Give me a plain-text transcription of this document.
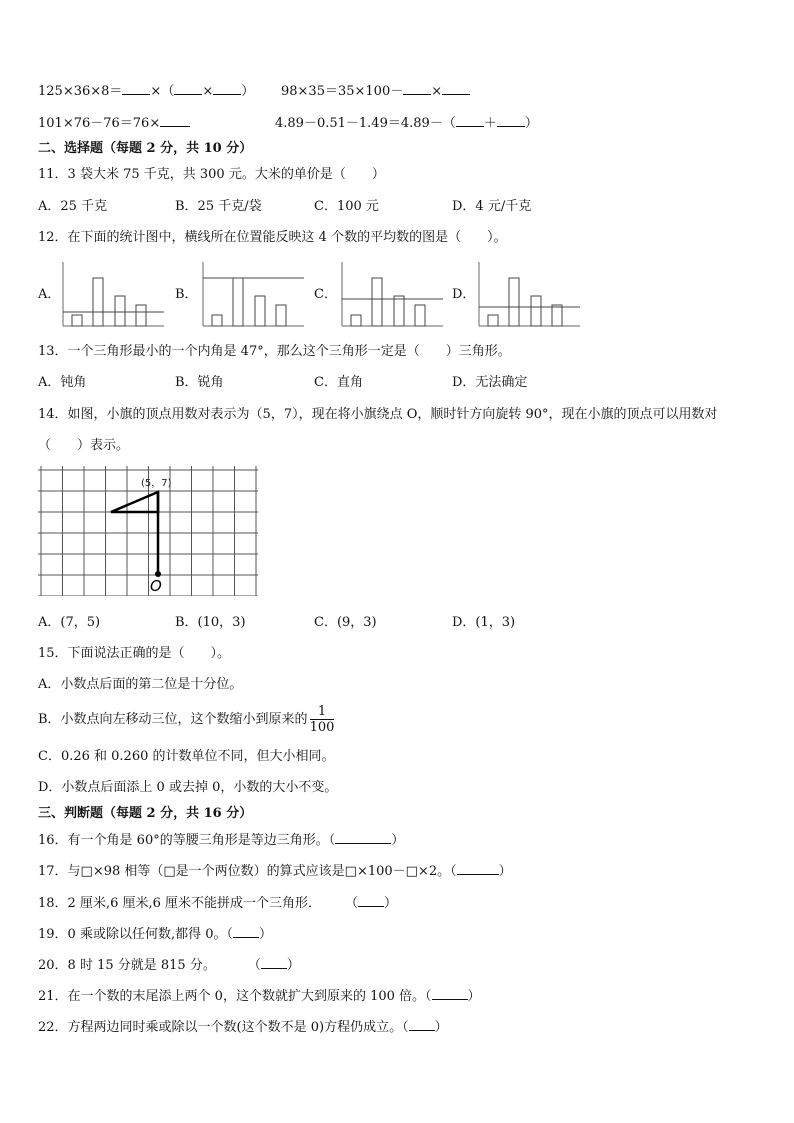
125×36×8＝ ×（ × ） 98×35＝35×100－ ×
101×76－76＝76×	4.89－0.51－1.49＝4.89－（ ＋ ）
二、选择题（每题 2 分，共 10 分）
11．3 袋大米 75 千克，共 300 元。大米的单价是（　　）
A．25 千克	B．25 千克/袋	C．100 元	D．4 元/千克
12．在下面的统计图中，横线所在位置能反映这 4 个数的平均数的图是（　　）。
A．	B．	C．	D．
13．一个三角形最小的一个内角是 47°，那么这个三角形一定是（　　）三角形。
A．钝角	B．锐角	C．直角	D．无法确定
14．如图，小旗的顶点用数对表示为（5，7），现在将小旗绕点 O，顺时针方向旋转 90°，现在小旗的顶点可以用数对
（　　）表示。
(5，7)
O
A．(7，5)	B．(10，3)	C．(9，3)	D．(1，3)
15．下面说法正确的是（　　）。
A．小数点后面的第二位是十分位。
B．小数点向左移动三位，这个数缩小到原来的 $\frac{1}{100}$
C．0.26 和 0.260 的计数单位不同，但大小相同。
D．小数点后面添上 0 或去掉 0，小数的大小不变。
三、判断题（每题 2 分，共 16 分）
16．有一个角是 60°的等腰三角形是等边三角形。（	）
17．与□×98 相等（□是一个两位数）的算式应该是□×100－□×2。（	）
18．2 厘米,6 厘米,6 厘米不能拼成一个三角形． （ ）
19．0 乘或除以任何数,都得 0。（ ）
20．8 时 15 分就是 815 分。 （ ）
21．在一个数的末尾添上两个 0，这个数就扩大到原来的 100 倍。（	）
22．方程两边同时乘或除以一个数(这个数不是 0)方程仍成立。（ ）
